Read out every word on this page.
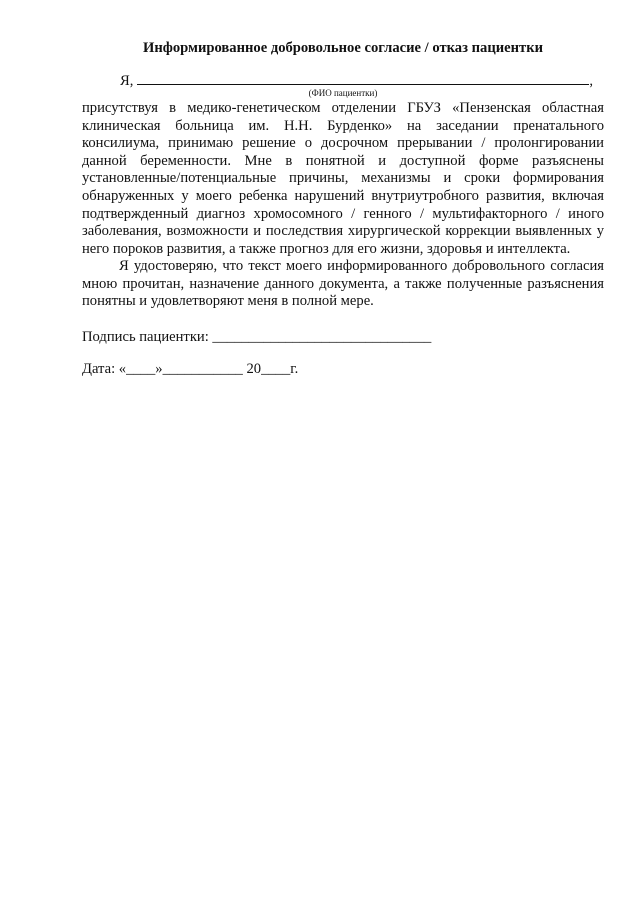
Информированное добровольное согласие / отказ пациентки
Я,	,
(ФИО пациентки)

присутствуя в медико-генетическом отделении ГБУЗ «Пензенская областная клиническая больница им. Н.Н. Бурденко» на заседании пренатального консилиума, принимаю решение о досрочном прерывании / пролонгировании данной беременности. Мне в понятной и доступной форме разъяснены установленные/потенциальные причины, механизмы и сроки формирования обнаруженных у моего ребенка нарушений внутриутробного развития, включая подтвержденный диагноз хромосомного / генного / мультифакторного / иного заболевания, возможности и последствия хирургической коррекции выявленных у него пороков развития, а также прогноз для его жизни, здоровья и интеллекта.

Я удостоверяю, что текст моего информированного добровольного согласия мною прочитан, назначение данного документа, а также полученные разъяснения понятны и удовлетворяют меня в полной мере.

Подпись пациентки: ______________________________
Дата: «____»___________ 20____г.
